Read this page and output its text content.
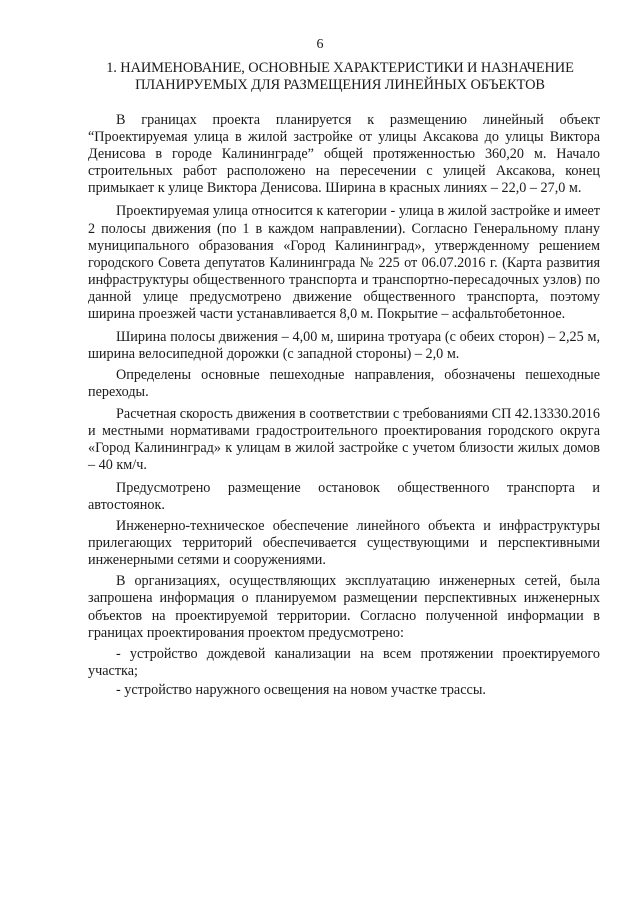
6
1. НАИМЕНОВАНИЕ, ОСНОВНЫЕ ХАРАКТЕРИСТИКИ И НАЗНАЧЕНИЕ ПЛАНИРУЕМЫХ ДЛЯ РАЗМЕЩЕНИЯ ЛИНЕЙНЫХ ОБЪЕКТОВ

В границах проекта планируется к размещению линейный объект “Проектируемая улица в жилой застройке от улицы Аксакова до улицы Виктора Денисова в городе Калининграде” общей протяженностью 360,20 м. Начало строительных работ расположено на пересечении с улицей Аксакова, конец примыкает к улице Виктора Денисова. Ширина в красных линиях – 22,0 – 27,0 м.

Проектируемая улица относится к категории - улица в жилой застройке и имеет 2 полосы движения (по 1 в каждом направлении). Согласно Генеральному плану муниципального образования «Город Калининград», утвержденному решением городского Совета депутатов Калининграда № 225 от 06.07.2016 г. (Карта развития инфраструктуры общественного транспорта и транспортно-пересадочных узлов) по данной улице предусмотрено движение общественного транспорта, поэтому ширина проезжей части устанавливается 8,0 м. Покрытие – асфальтобетонное.

Ширина полосы движения – 4,00 м, ширина тротуара (с обеих сторон) – 2,25 м, ширина велосипедной дорожки (с западной стороны) – 2,0 м.

Определены основные пешеходные направления, обозначены пешеходные переходы.

Расчетная скорость движения в соответствии с требованиями СП 42.13330.2016 и местными нормативами градостроительного проектирования городского округа «Город Калининград» к улицам в жилой застройке с учетом близости жилых домов – 40 км/ч.

Предусмотрено размещение остановок общественного транспорта и автостоянок.

Инженерно-техническое обеспечение линейного объекта и инфраструктуры прилегающих территорий обеспечивается существующими и перспективными инженерными сетями и сооружениями.

В организациях, осуществляющих эксплуатацию инженерных сетей, была запрошена информация о планируемом размещении перспективных инженерных объектов на проектируемой территории. Согласно полученной информации в границах проектирования проектом предусмотрено:

- устройство дождевой канализации на всем протяжении проектируемого участка;

- устройство наружного освещения на новом участке трассы.
